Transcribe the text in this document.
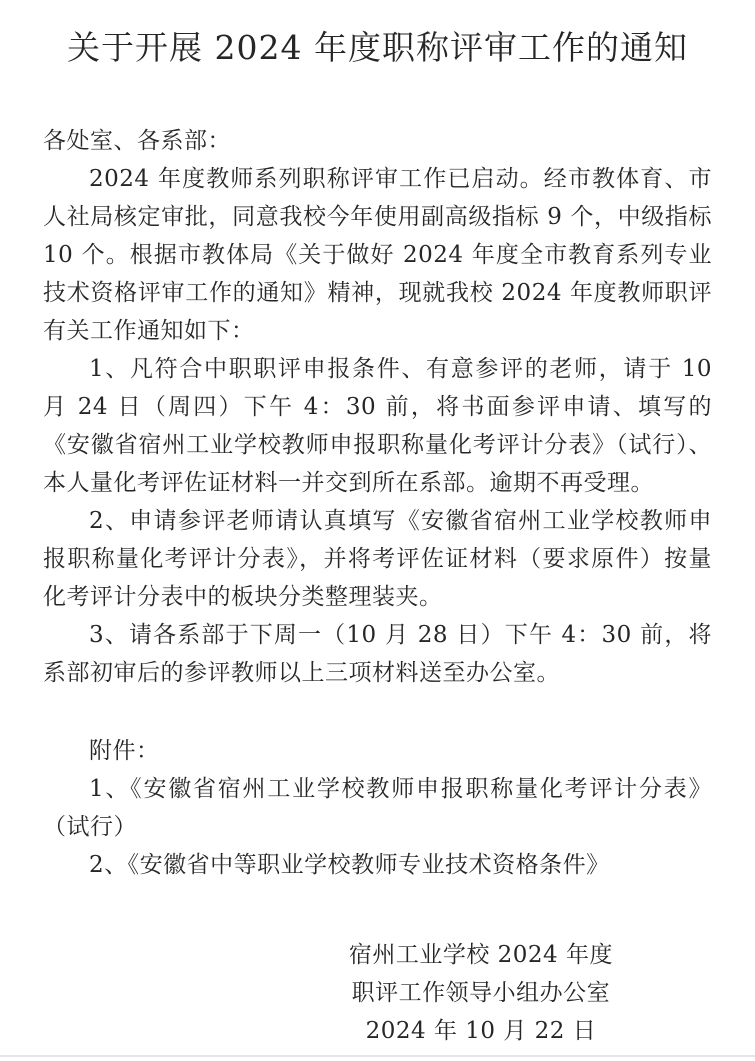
关于开展 2024 年度职称评审工作的通知

各处室、各系部：

2024 年度教师系列职称评审工作已启动。经市教体育、市人社局核定审批，同意我校今年使用副高级指标 9 个，中级指标 10 个。根据市教体局《关于做好 2024 年度全市教育系列专业技术资格评审工作的通知》精神，现就我校 2024 年度教师职评有关工作通知如下：

1、凡符合中职职评申报条件、有意参评的老师，请于 10 月 24 日（周四）下午 4：30 前，将书面参评申请、填写的《安徽省宿州工业学校教师申报职称量化考评计分表》（试行）、本人量化考评佐证材料一并交到所在系部。逾期不再受理。

2、申请参评老师请认真填写《安徽省宿州工业学校教师申报职称量化考评计分表》，并将考评佐证材料（要求原件）按量化考评计分表中的板块分类整理装夹。

3、请各系部于下周一（10 月 28 日）下午 4：30 前，将系部初审后的参评教师以上三项材料送至办公室。

附件：

1、《安徽省宿州工业学校教师申报职称量化考评计分表》（试行）

2、《安徽省中等职业学校教师专业技术资格条件》

宿州工业学校 2024 年度
职评工作领导小组办公室
2024 年 10 月 22 日
